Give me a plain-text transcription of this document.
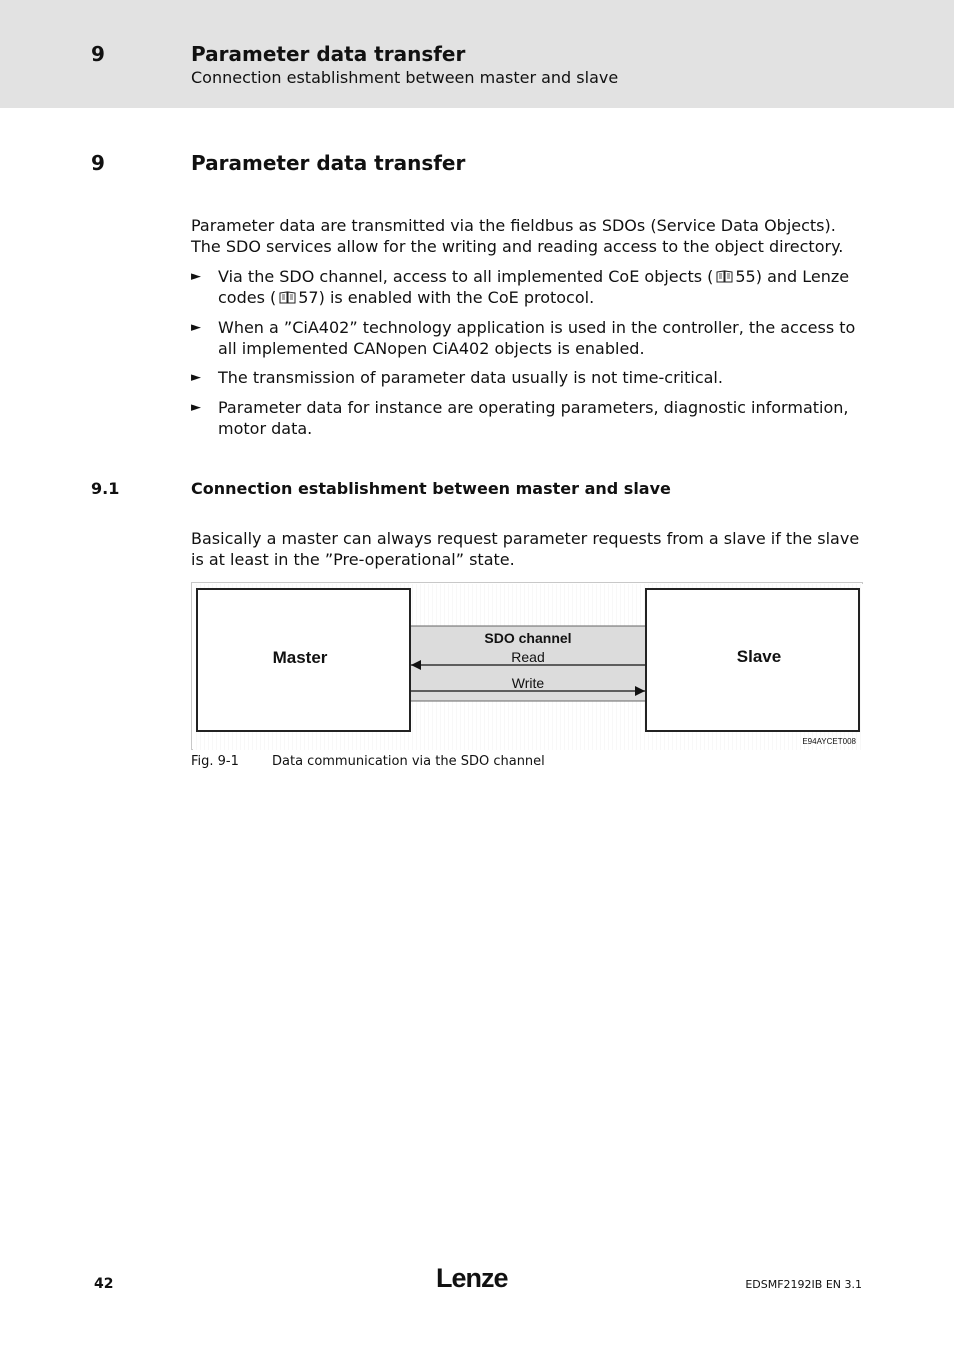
9	Parameter data transfer
Connection establishment between master and slave
9	Parameter data transfer
Parameter data are transmitted via the fieldbus as SDOs (Service Data Objects). The SDO services allow for the writing and reading access to the object directory.
► Via the SDO channel, access to all implemented CoE objects ( 55) and Lenze codes ( 57) is enabled with the CoE protocol.
► When a ”CiA402” technology application is used in the controller, the access to all implemented CANopen CiA402 objects is enabled.
► The transmission of parameter data usually is not time-critical.
► Parameter data for instance are operating parameters, diagnostic information, motor data.
9.1	Connection establishment between master and slave
Basically a master can always request parameter requests from a slave if the slave is at least in the ”Pre-operational” state.
Master	Slave
SDO channel
Read
Write
E94AYCET008
Fig. 9-1	Data communication via the SDO channel
42	Lenze	EDSMF2192IB EN 3.1
